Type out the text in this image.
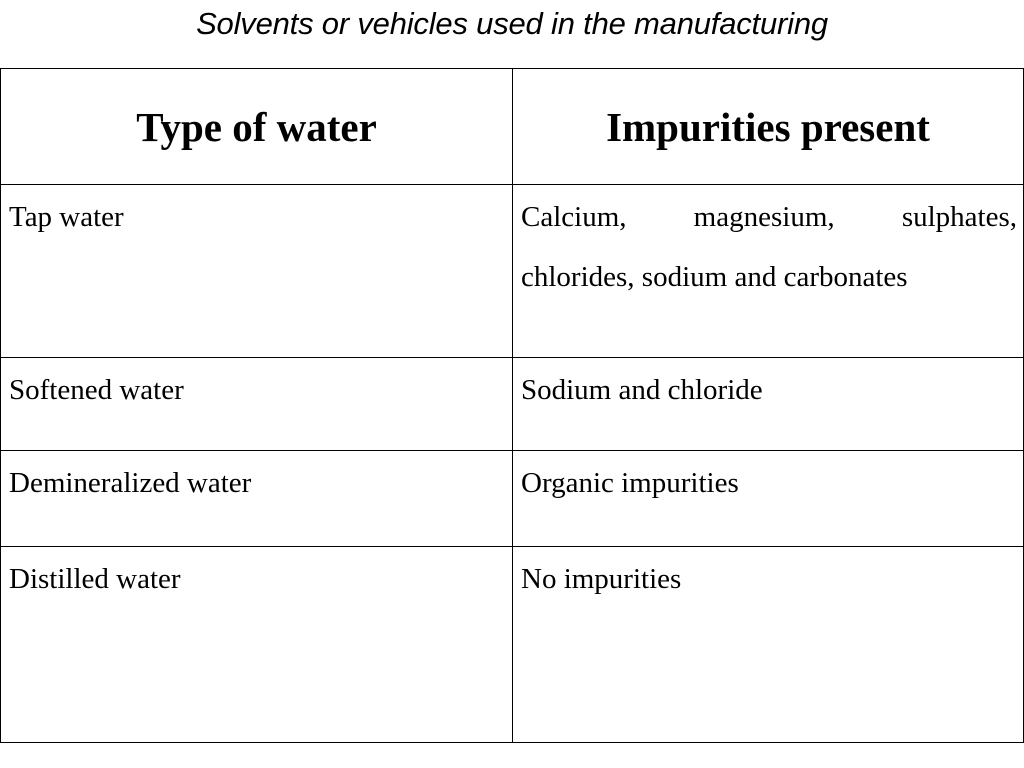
Solvents or vehicles used in the manufacturing
Type of water	Impurities present
Tap water	Calcium, magnesium, sulphates, chlorides, sodium and carbonates
Softened water	Sodium and chloride
Demineralized water	Organic impurities
Distilled water	No impurities
